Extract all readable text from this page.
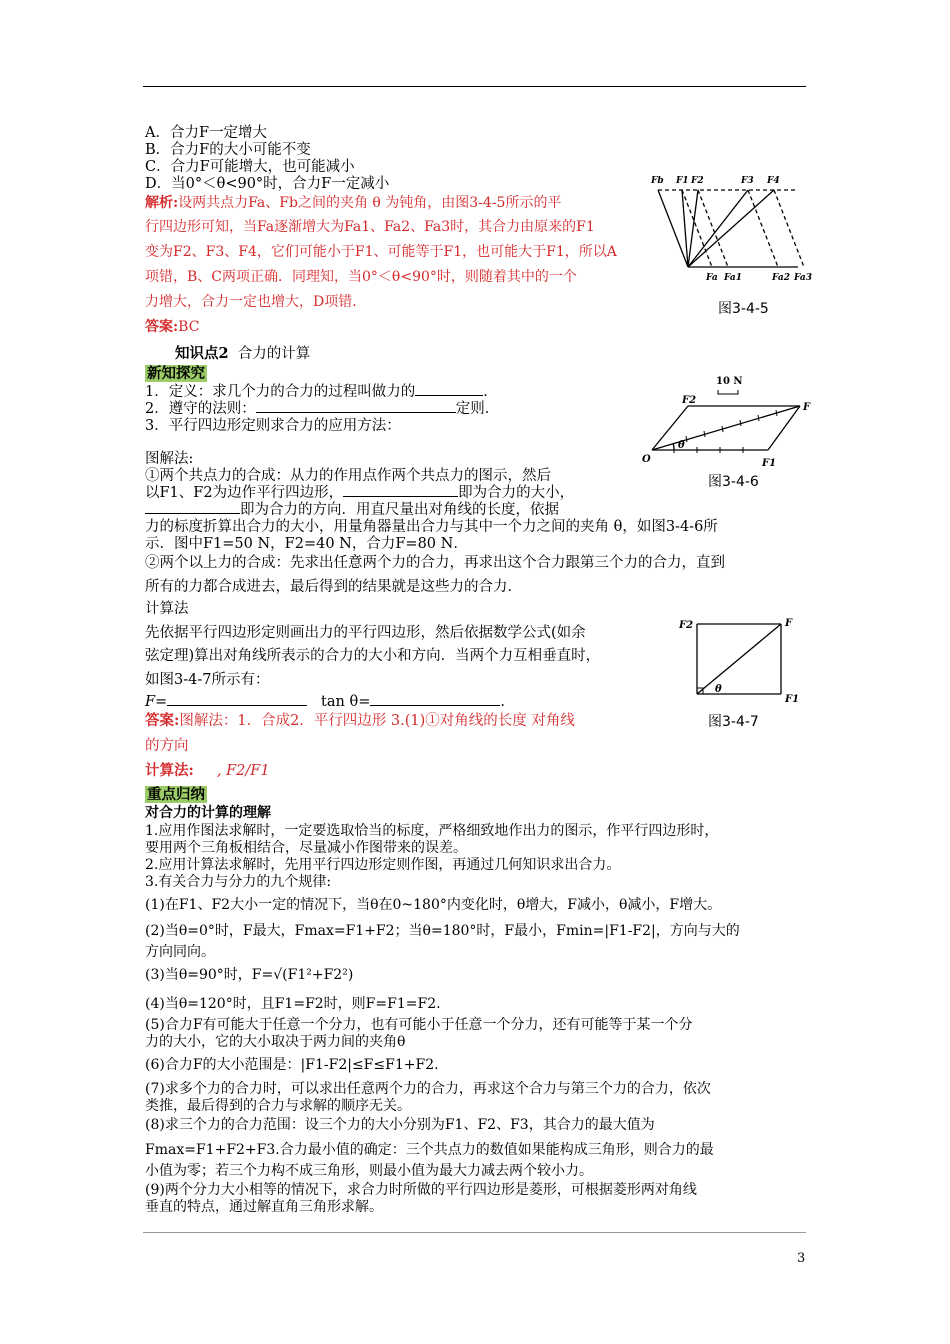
A．合力F一定增大
B．合力F的大小可能不变
C．合力F可能增大，也可能减小
D．当0°＜θ<90°时，合力F一定减小
解析:设两共点力Fa、Fb之间的夹角 θ 为钝角，由图3-4-5所示的平
行四边形可知，当Fa逐渐增大为Fa1、Fa2、Fa3时，其合力由原来的F1
变为F2、F3、F4，它们可能小于F1、可能等于F1，也可能大于F1，所以A
项错，B、C两项正确．同理知，当0°＜θ<90°时，则随着其中的一个
力增大，合力一定也增大，D项错．
答案:BC
Fb F1 F2	F3 F4
Fa Fa1	Fa2 Fa3
图3-4-5
知识点2 合力的计算
新知探究
1．定义：求几个力的合力的过程叫做力的	．
2．遵守的法则：	定则．
3．平行四边形定则求合力的应用方法：
图解法:
①两个共点力的合成：从力的作用点作两个共点力的图示，然后
以F1、F2为边作平行四边形，	即为合力的大小，
即为合力的方向．用直尺量出对角线的长度，依据
力的标度折算出合力的大小，用量角器量出合力与其中一个力之间的夹角 θ，如图3-4-6所
示．图中F1=50 N，F2=40 N，合力F=80 N．
②两个以上力的合成：先求出任意两个力的合力，再求出这个合力跟第三个力的合力，直到
所有的力都合成进去，最后得到的结果就是这些力的合力．
10 N
F2
F
O
θ
F1
图3-4-6
计算法
先依据平行四边形定则画出力的平行四边形，然后依据数学公式(如余
弦定理)算出对角线所表示的合力的大小和方向．当两个力互相垂直时，
如图3-4-7所示有：
F=	tan θ=	.
F2	F
θ
F1
图3-4-7
答案:图解法：1．合成2．平行四边形 3.(1)①对角线的长度 对角线
的方向
计算法: , F2/F1
重点归纳
对合力的计算的理解
1.应用作图法求解时，一定要选取恰当的标度，严格细致地作出力的图示，作平行四边形时，
要用两个三角板相结合，尽量减小作图带来的误差。
2.应用计算法求解时，先用平行四边形定则作图，再通过几何知识求出合力。
3.有关合力与分力的九个规律:
(1)在F1、F2大小一定的情况下，当θ在0~180°内变化时，θ增大，F减小，θ减小，F增大。
(2)当θ=0°时，F最大，Fmax=F1+F2；当θ=180°时，F最小，Fmin=|F1-F2|，方向与大的
方向同向。
(3)当θ=90°时，F=√(F1²+F2²)
(4)当θ=120°时，且F1=F2时，则F=F1=F2.
(5)合力F有可能大于任意一个分力，也有可能小于任意一个分力，还有可能等于某一个分
力的大小，它的大小取决于两力间的夹角θ
(6)合力F的大小范围是：|F1-F2|≤F≤F1+F2.
(7)求多个力的合力时，可以求出任意两个力的合力，再求这个合力与第三个力的合力，依次
类推，最后得到的合力与求解的顺序无关。
(8)求三个力的合力范围：设三个力的大小分别为F1、F2、F3，其合力的最大值为
Fmax=F1+F2+F3.合力最小值的确定：三个共点力的数值如果能构成三角形，则合力的最
小值为零；若三个力构不成三角形，则最小值为最大力减去两个较小力。
(9)两个分力大小相等的情况下，求合力时所做的平行四边形是菱形，可根据菱形两对角线
垂直的特点，通过解直角三角形求解。
3
